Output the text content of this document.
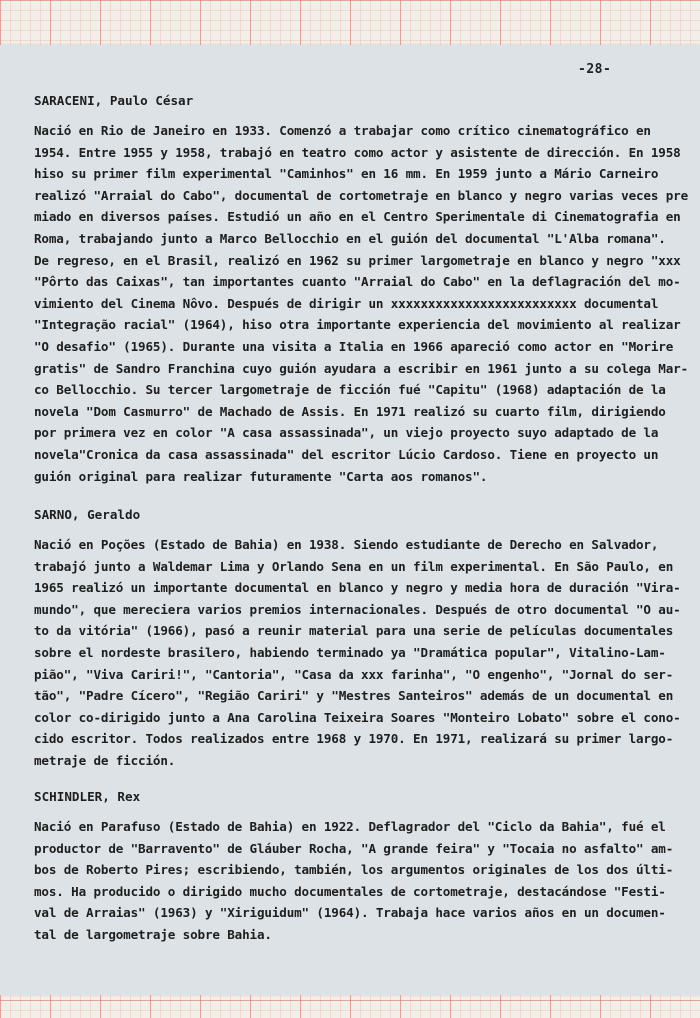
-28-
SARACENI, Paulo César
Nació en Rio de Janeiro en 1933. Comenzó a trabajar como crítico cinematográfico en
1954. Entre 1955 y 1958, trabajó en teatro como actor y asistente de dirección. En 1958
hiso su primer film experimental "Caminhos" en 16 mm. En 1959 junto a Mário Carneiro
realizó "Arraial do Cabo", documental de cortometraje en blanco y negro varias veces pre
miado en diversos países. Estudió un año en el Centro Sperimentale di Cinematografia en
Roma, trabajando junto a Marco Bellocchio en el guión del documental "L'Alba romana".
De regreso, en el Brasil, realizó en 1962 su primer largometraje en blanco y negro "xxx
"Pôrto das Caixas", tan importantes cuanto "Arraial do Cabo" en la deflagración del mo-
vimiento del Cinema Nôvo. Después de dirigir un xxxxxxxxxxxxxxxxxxxxxxxxx documental
"Integração racial" (1964), hiso otra importante experiencia del movimiento al realizar
"O desafio" (1965). Durante una visita a Italia en 1966 apareció como actor en "Morire
gratis" de Sandro Franchina cuyo guión ayudara a escribir en 1961 junto a su colega Mar-
co Bellocchio. Su tercer largometraje de ficción fué "Capitu" (1968) adaptación de la
novela "Dom Casmurro" de Machado de Assis. En 1971 realizó su cuarto film, dirigiendo
por primera vez en color "A casa assassinada", un viejo proyecto suyo adaptado de la
novela"Cronica da casa assassinada" del escritor Lúcio Cardoso. Tiene en proyecto un
guión original para realizar futuramente "Carta aos romanos".
SARNO, Geraldo
Nació en Poções (Estado de Bahia) en 1938. Siendo estudiante de Derecho en Salvador,
trabajó junto a Waldemar Lima y Orlando Sena en un film experimental. En São Paulo, en
1965 realizó un importante documental en blanco y negro y media hora de duración "Vira-
mundo", que mereciera varios premios internacionales. Después de otro documental "O au-
to da vitória" (1966), pasó a reunir material para una serie de películas documentales
sobre el nordeste brasilero, habiendo terminado ya "Dramática popular", Vitalino-Lam-
pião", "Viva Cariri!", "Cantoria", "Casa da xxx farinha", "O engenho", "Jornal do ser-
tão", "Padre Cícero", "Região Cariri" y "Mestres Santeiros" además de un documental en
color co-dirigido junto a Ana Carolina Teixeira Soares "Monteiro Lobato" sobre el cono-
cido escritor. Todos realizados entre 1968 y 1970. En 1971, realizará su primer largo-
metraje de ficción.
SCHINDLER, Rex
Nació en Parafuso (Estado de Bahia) en 1922. Deflagrador del "Ciclo da Bahia", fué el
productor de "Barravento" de Gláuber Rocha, "A grande feira" y "Tocaia no asfalto" am-
bos de Roberto Pires; escribiendo, también, los argumentos originales de los dos últi-
mos. Ha producido o dirigido mucho documentales de cortometraje, destacándose "Festi-
val de Arraias" (1963) y "Xiriguidum" (1964). Trabaja hace varios años en un documen-
tal de largometraje sobre Bahia.
